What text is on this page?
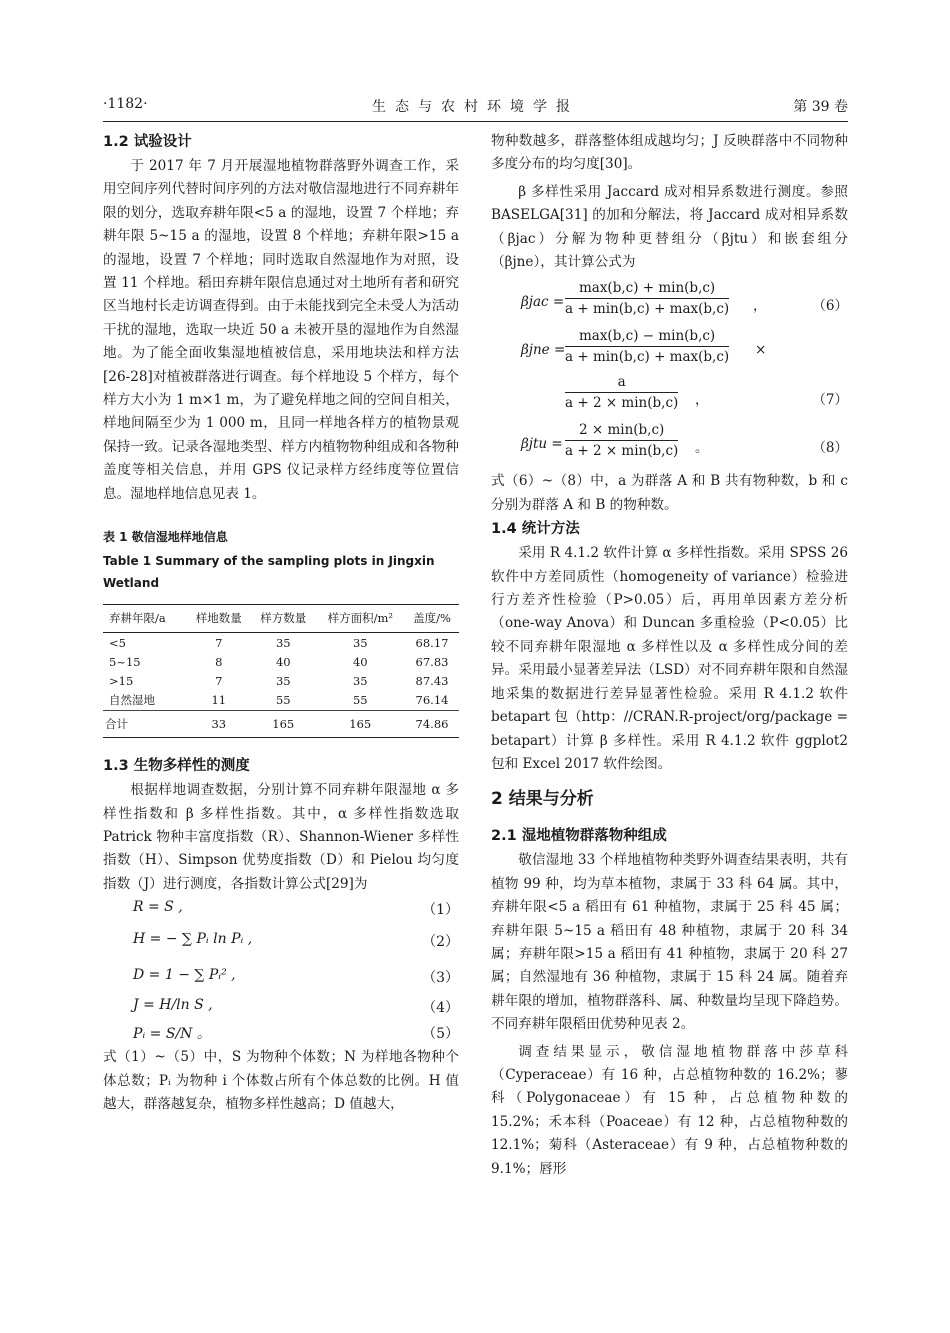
·1182·	生态与农村环境学报	第 39 卷
1.2 试验设计

于 2017 年 7 月开展湿地植物群落野外调查工作，采用空间序列代替时间序列的方法对敬信湿地进行不同弃耕年限的划分，选取弃耕年限<5 a 的湿地，设置 7 个样地；弃耕年限 5~15 a 的湿地，设置 8 个样地；弃耕年限>15 a 的湿地，设置 7 个样地；同时选取自然湿地作为对照，设置 11 个样地。稻田弃耕年限信息通过对土地所有者和研究区当地村长走访调查得到。由于未能找到完全未受人为活动干扰的湿地，选取一块近 50 a 未被开垦的湿地作为自然湿地。为了能全面收集湿地植被信息，采用地块法和样方法[26-28]对植被群落进行调查。每个样地设 5 个样方，每个样方大小为 1 m×1 m，为了避免样地之间的空间自相关，样地间隔至少为 1 000 m，且同一样地各样方的植物景观保持一致。记录各湿地类型、样方内植物物种组成和各物种盖度等相关信息，并用 GPS 仪记录样方经纬度等位置信息。湿地样地信息见表 1。

表 1 敬信湿地样地信息
Table 1 Summary of the sampling plots in Jingxin Wetland
弃耕年限/a	样地数量	样方数量	样方面积/m²	盖度/%
<5	7	35	35	68.17
5~15	8	40	40	67.83
>15	7	35	35	87.43
自然湿地	11	55	55	76.14
合计	33	165	165	74.86
1.3 生物多样性的测度

根据样地调查数据，分别计算不同弃耕年限湿地 α 多样性指数和 β 多样性指数。其中，α 多样性指数选取 Patrick 物种丰富度指数（R）、Shannon-Wiener 多样性指数（H）、Simpson 优势度指数（D）和 Pielou 均匀度指数（J）进行测度，各指数计算公式[29]为

R = S ,	（1）
H = − ∑ Pᵢ ln Pᵢ ,	（2）
D = 1 − ∑ Pᵢ² ,	（3）
J = H/ln S ,	（4）
Pᵢ = S/N 。	（5）

式（1）~（5）中，S 为物种个体数；N 为样地各物种个体总数；Pᵢ 为物种 i 个体数占所有个体总数的比例。H 值越大，群落越复杂，植物多样性越高；D 值越大，

物种数越多，群落整体组成越均匀；J 反映群落中不同物种多度分布的均匀度[30]。

β 多样性采用 Jaccard 成对相异系数进行测度。参照 BASELGA[31] 的加和分解法，将 Jaccard 成对相异系数（βjac）分解为物种更替组分（βjtu）和嵌套组分（βjne），其计算公式为

βjac =
max(b,c) + min(b,c)
a + min(b,c) + max(b,c) ，	（6）
βjne =
max(b,c) − min(b,c)
a + min(b,c) + max(b,c) ×
a
a + 2 × min(b,c) ，	（7）
βjtu =
2 × min(b,c)
a + 2 × min(b,c) 。	（8）

式（6）~（8）中，a 为群落 A 和 B 共有物种数，b 和 c 分别为群落 A 和 B 的物种数。

1.4 统计方法

采用 R 4.1.2 软件计算 α 多样性指数。采用 SPSS 26 软件中方差同质性（homogeneity of variance）检验进行方差齐性检验（P>0.05）后，再用单因素方差分析（one-way Anova）和 Duncan 多重检验（P<0.05）比较不同弃耕年限湿地 α 多样性以及 α 多样性成分间的差异。采用最小显著差异法（LSD）对不同弃耕年限和自然湿地采集的数据进行差异显著性检验。采用 R 4.1.2 软件 betapart 包（http：//CRAN.R-project/org/package = betapart）计算 β 多样性。采用 R 4.1.2 软件 ggplot2 包和 Excel 2017 软件绘图。

2 结果与分析
2.1 湿地植物群落物种组成

敬信湿地 33 个样地植物种类野外调查结果表明，共有植物 99 种，均为草本植物，隶属于 33 科 64 属。其中，弃耕年限<5 a 稻田有 61 种植物，隶属于 25 科 45 属；弃耕年限 5~15 a 稻田有 48 种植物，隶属于 20 科 34 属；弃耕年限>15 a 稻田有 41 种植物，隶属于 20 科 27 属；自然湿地有 36 种植物，隶属于 15 科 24 属。随着弃耕年限的增加，植物群落科、属、种数量均呈现下降趋势。不同弃耕年限稻田优势种见表 2。

调查结果显示，敬信湿地植物群落中莎草科（Cyperaceae）有 16 种，占总植物种数的 16.2%；蓼科（Polygonaceae）有 15 种，占总植物种数的 15.2%；禾本科（Poaceae）有 12 种，占总植物种数的 12.1%；菊科（Asteraceae）有 9 种，占总植物种数的 9.1%；唇形
